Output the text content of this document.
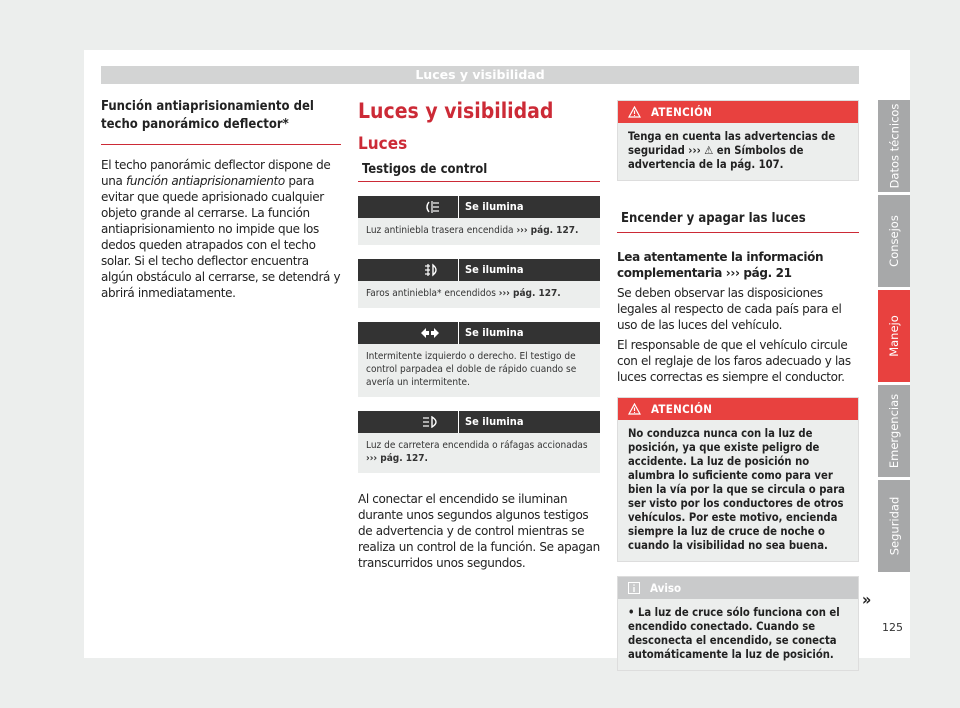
Luces y visibilidad
Función antiaprisionamiento del techo panorámico deflector*

El techo panorámic deflector dispone de una función antiaprisionamiento para evitar que quede aprisionado cualquier objeto grande al cerrarse. La función antiaprisionamiento no impide que los dedos queden atrapados con el techo solar. Si el techo deflector encuentra algún obstáculo al cerrarse, se detendrá y abrirá inmediatamente.

Luces y visibilidad
Luces
Testigos de control
Se ilumina
Luz antiniebla trasera encendida ››› pág. 127.
Se ilumina
Faros antiniebla* encendidos ››› pág. 127.
Se ilumina
Intermitente izquierdo o derecho. El testigo de control parpadea el doble de rápido cuando se avería un intermitente.
Se ilumina
Luz de carretera encendida o ráfagas accionadas
››› pág. 127.

Al conectar el encendido se iluminan durante unos segundos algunos testigos de advertencia y de control mientras se realiza un control de la función. Se apagan transcurridos unos segundos.

ATENCIÓN
Tenga en cuenta las advertencias de seguridad ››› ⚠ en Símbolos de advertencia de la pág. 107.
Encender y apagar las luces

Lea atentamente la información complementaria ››› pág. 21

Se deben observar las disposiciones legales al respecto de cada país para el uso de las luces del vehículo.

El responsable de que el vehículo circule con el reglaje de los faros adecuado y las luces correctas es siempre el conductor.

ATENCIÓN
No conduzca nunca con la luz de posición, ya que existe peligro de accidente. La luz de posición no alumbra lo suficiente como para ver bien la vía por la que se circula o para ser visto por los conductores de otros vehículos. Por este motivo, encienda siempre la luz de cruce de noche o cuando la visibilidad no sea buena.
Aviso
• La luz de cruce sólo funciona con el encendido conectado. Cuando se desconecta el encendido, se conecta automáticamente la luz de posición.
Datos técnicos
Consejos
Manejo
Emergencias
Seguridad
»
125
